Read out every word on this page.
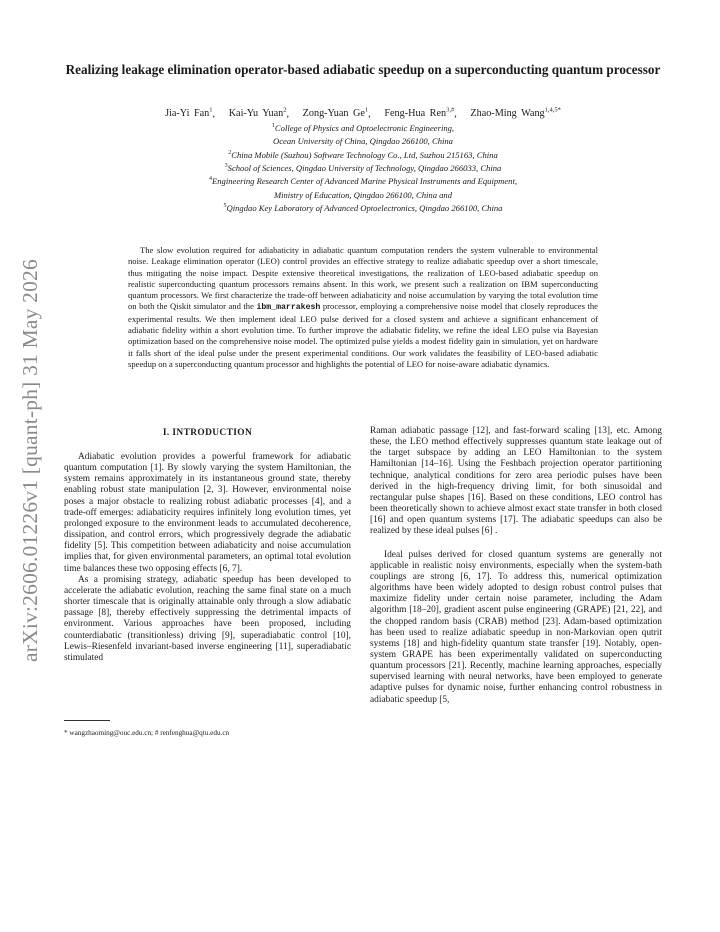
arXiv:2606.01226v1 [quant-ph] 31 May 2026
Realizing leakage elimination operator-based adiabatic speedup on a superconducting quantum processor
Jia-Yi Fan$^1$,   Kai-Yu Yuan$^2$,   Zong-Yuan Ge$^1$,   Feng-Hua Ren$^{3,\#}$,   Zhao-Ming Wang$^{1,4,5*}$
$^1$College of Physics and Optoelectronic Engineering,
Ocean University of China, Qingdao 266100, China
$^2$China Mobile (Suzhou) Software Technology Co., Ltd, Suzhou 215163, China
$^3$School of Sciences, Qingdao University of Technology, Qingdao 266033, China
$^4$Engineering Research Center of Advanced Marine Physical Instruments and Equipment,
Ministry of Education, Qingdao 266100, China and
$^5$Qingdao Key Laboratory of Advanced Optoelectronics, Qingdao 266100, China
The slow evolution required for adiabaticity in adiabatic quantum computation renders the system vulnerable to environmental noise. Leakage elimination operator (LEO) control provides an effective strategy to realize adiabatic speedup over a short timescale, thus mitigating the noise impact. Despite extensive theoretical investigations, the realization of LEO-based adiabatic speedup on realistic superconducting quantum processors remains absent. In this work, we present such a realization on IBM superconducting quantum processors. We first characterize the trade-off between adiabaticity and noise accumulation by varying the total evolution time on both the Qiskit simulator and the ibm_marrakesh processor, employing a comprehensive noise model that closely reproduces the experimental results. We then implement ideal LEO pulse derived for a closed system and achieve a significant enhancement of adiabatic fidelity within a short evolution time. To further improve the adiabatic fidelity, we refine the ideal LEO pulse via Bayesian optimization based on the comprehensive noise model. The optimized pulse yields a modest fidelity gain in simulation, yet on hardware it falls short of the ideal pulse under the present experimental conditions. Our work validates the feasibility of LEO-based adiabatic speedup on a superconducting quantum processor and highlights the potential of LEO for noise-aware adiabatic dynamics.
I. INTRODUCTION

Adiabatic evolution provides a powerful framework for adiabatic quantum computation [1]. By slowly varying the system Hamiltonian, the system remains approximately in its instantaneous ground state, thereby enabling robust state manipulation [2, 3]. However, environmental noise poses a major obstacle to realizing robust adiabatic processes [4], and a trade-off emerges: adiabaticity requires infinitely long evolution times, yet prolonged exposure to the environment leads to accumulated decoherence, dissipation, and control errors, which progressively degrade the adiabatic fidelity [5]. This competition between adiabaticity and noise accumulation implies that, for given environmental parameters, an optimal total evolution time balances these two opposing effects [6, 7].

As a promising strategy, adiabatic speedup has been developed to accelerate the adiabatic evolution, reaching the same final state on a much shorter timescale that is originally attainable only through a slow adiabatic passage [8], thereby effectively suppressing the detrimental impacts of environment. Various approaches have been proposed, including counterdiabatic (transitionless) driving [9], superadiabatic control [10], Lewis–Riesenfeld invariant-based inverse engineering [11], superadiabatic stimulated

* wangzhaoming@ouc.edu.cn; # renfenghua@qtu.edu.cn

Raman adiabatic passage [12], and fast-forward scaling [13], etc. Among these, the LEO method effectively suppresses quantum state leakage out of the target subspace by adding an LEO Hamiltonian to the system Hamiltonian [14–16]. Using the Feshbach projection operator partitioning technique, analytical conditions for zero area periodic pulses have been derived in the high-frequency driving limit, for both sinusoidal and rectangular pulse shapes [16]. Based on these conditions, LEO control has been theoretically shown to achieve almost exact state transfer in both closed [16] and open quantum systems [17]. The adiabatic speedups can also be realized by these ideal pulses [6] .

Ideal pulses derived for closed quantum systems are generally not applicable in realistic noisy environments, especially when the system-bath couplings are strong [6, 17]. To address this, numerical optimization algorithms have been widely adopted to design robust control pulses that maximize fidelity under certain noise parameter, including the Adam algorithm [18–20], gradient ascent pulse engineering (GRAPE) [21, 22], and the chopped random basis (CRAB) method [23]. Adam-based optimization has been used to realize adiabatic speedup in non-Markovian open qutrit systems [18] and high-fidelity quantum state transfer [19]. Notably, open-system GRAPE has been experimentally validated on superconducting quantum processors [21]. Recently, machine learning approaches, especially supervised learning with neural networks, have been employed to generate adaptive pulses for dynamic noise, further enhancing control robustness in adiabatic speedup [5,
